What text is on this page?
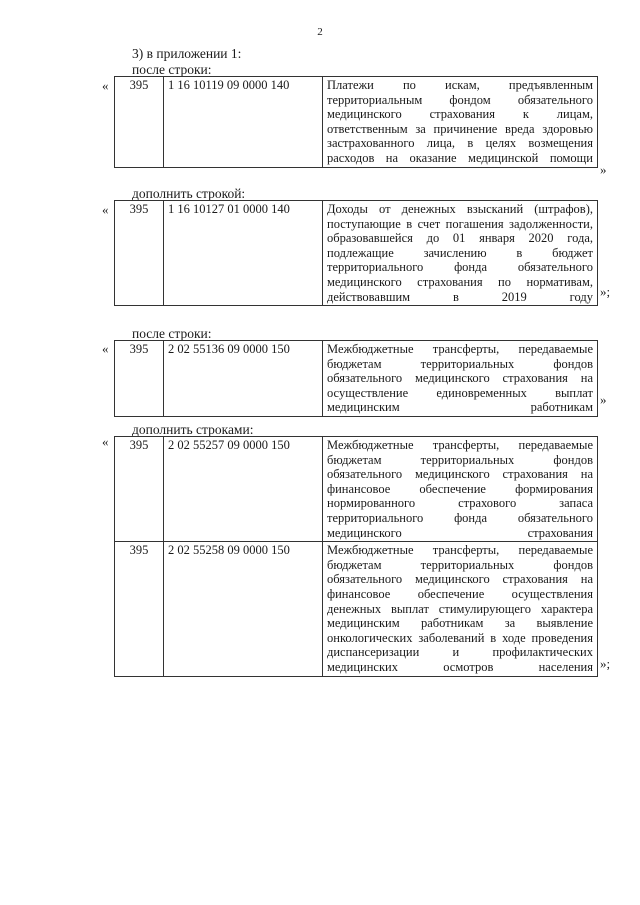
2
3) в приложении 1:
после строки:
« 395	1 16 10119 09 0000 140	Платежи по искам, предъявленным территориальным фондом обязательного медицинского страхования к лицам, ответственным за причинение вреда здоровью застрахованного лица, в целях возмещения расходов на оказание медицинской помощи
»
дополнить строкой:
« 395	1 16 10127 01 0000 140	Доходы от денежных взысканий (штрафов), поступающие в счет погашения задолженности, образовавшейся до 01 января 2020 года, подлежащие зачислению в бюджет территориального фонда обязательного медицинского страхования по нормативам, действовавшим в 2019 году »;
после строки:
« 395	2 02 55136 09 0000 150	Межбюджетные трансферты, передаваемые бюджетам территориальных фондов обязательного медицинского страхования на осуществление единовременных выплат медицинским работникам
»
дополнить строками:
« 395	2 02 55257 09 0000 150	Межбюджетные трансферты, передаваемые бюджетам территориальных фондов обязательного медицинского страхования на финансовое обеспечение формирования нормированного страхового запаса территориального фонда обязательного медицинского страхования

395	2 02 55258 09 0000 150	Межбюджетные трансферты, передаваемые бюджетам территориальных фондов обязательного медицинского страхования на финансовое обеспечение осуществления денежных выплат стимулирующего характера медицинским работникам за выявление онкологических заболеваний в ходе проведения диспансеризации и профилактических медицинских осмотров населения »;
